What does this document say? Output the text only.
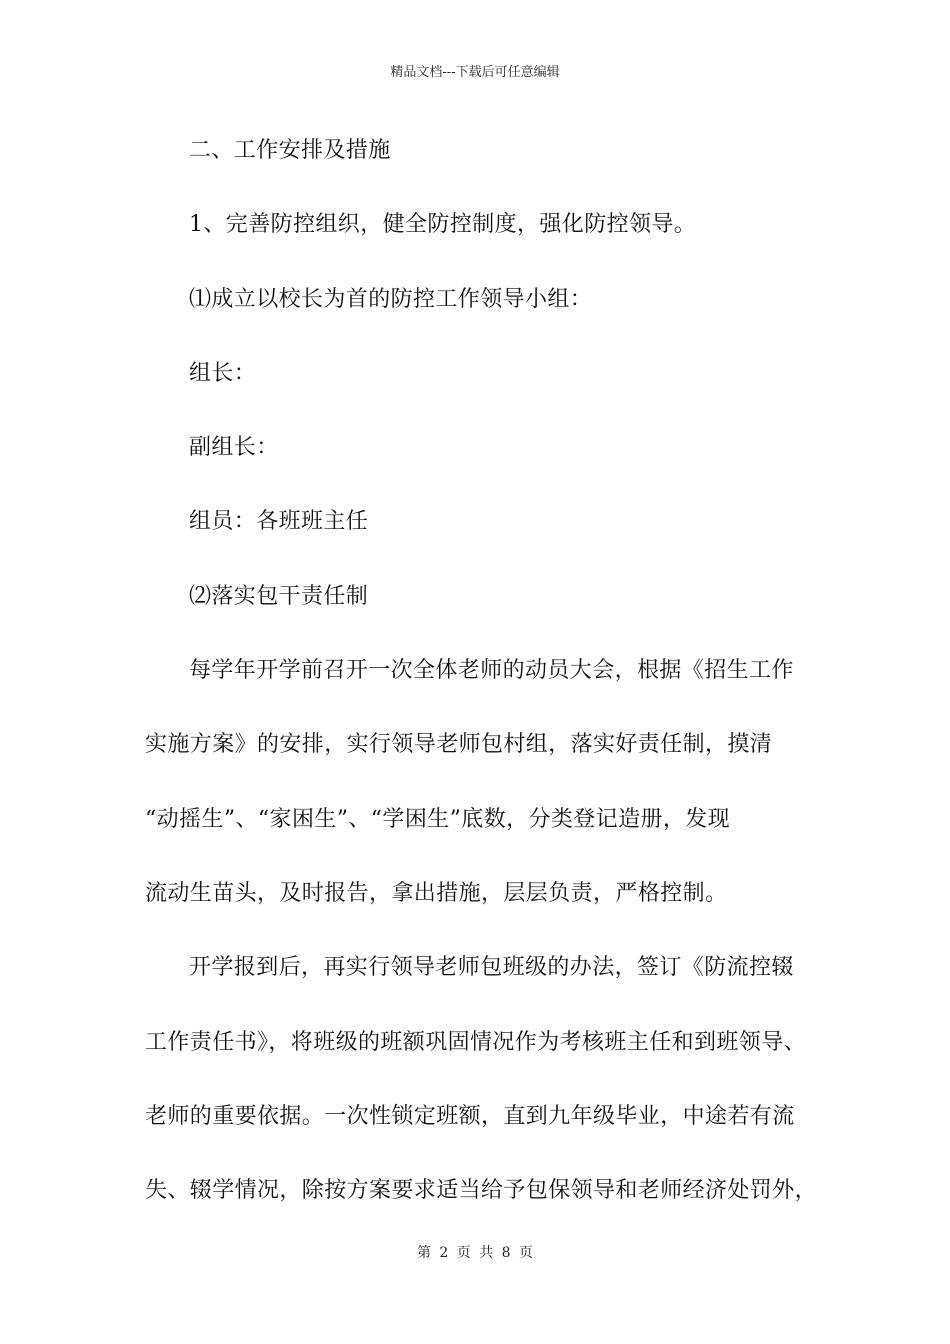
精品文档---下载后可任意编辑
二、工作安排及措施
1、完善防控组织，健全防控制度，强化防控领导。
⑴成立以校长为首的防控工作领导小组：
组长：
副组长：
组员：各班班主任
⑵落实包干责任制
每学年开学前召开一次全体老师的动员大会，根据《招生工作
实施方案》的安排，实行领导老师包村组，落实好责任制，摸清
“动摇生”、“家困生”、“学困生”底数，分类登记造册，发现
流动生苗头，及时报告，拿出措施，层层负责，严格控制。
开学报到后，再实行领导老师包班级的办法，签订《防流控辍
工作责任书》，将班级的班额巩固情况作为考核班主任和到班领导、
老师的重要依据。一次性锁定班额，直到九年级毕业，中途若有流
失、辍学情况，除按方案要求适当给予包保领导和老师经济处罚外，
第 2 页 共 8 页
